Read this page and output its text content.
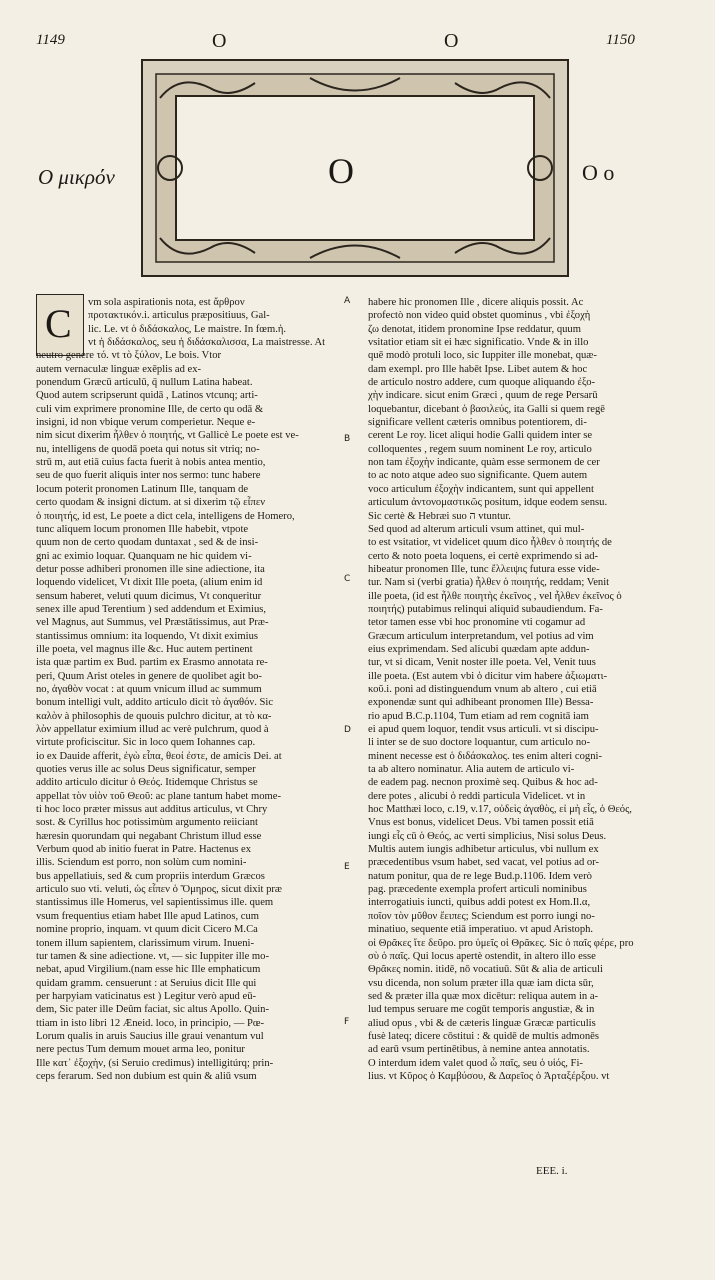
1149	1150
O	O
O
Ο μικρόν	O o
C	vm sola aspirationis nota, est ἄρθρον

προτακτικόν.i. articulus præpositiuus, Gal-

lic. Le. vt ὁ διδάσκαλος, Le maistre. In fœm.ἡ.

vt ἡ διδάσκαλος, seu ἡ διδάσκαλισσα, La maistresse. At

neutro genere τό. vt τὸ ξύλον, Le bois. Vtor

autem vernaculæ linguæ exēplis ad ex-

ponendum Græcū articulū, q̄ nullum Latina habeat.

Quod autem scripserunt quidā , Latinos vtcunq; arti-

culi vim exprimere pronomine Ille, de certo qu odā &

insigni, id non vbique verum comperietur. Neque e-

nim sicut dixerim ἦλθεν ὁ ποιητής, vt Gallicè Le poete est ve-

nu, intelligens de quodā poeta qui notus sit vtriq; no-

strū m, aut etiā cuius facta fuerit à nobis antea mentio,

seu de quo fuerit aliquis inter nos sermo: tunc habere

locum poterit pronomen Latinum Ille, tanquam de

certo quodam & insigni dictum. at si dixerim τῷ εἶπεν

ὁ ποιητής, id est, Le poete a dict cela, intelligens de Homero,

tunc aliquem locum pronomen Ille habebit, vtpote

quum non de certo quodam duntaxat , sed & de insi-

gni ac eximio loquar. Quanquam ne hic quidem vi-

detur posse adhiberi pronomen ille sine adiectione, ita

loquendo videlicet, Vt dixit Ille poeta, (alium enim id

sensum haberet, veluti quum dicimus, Vt conqueritur

senex ille apud Terentium ) sed addendum et Eximius,

vel Magnus, aut Summus, vel Præstātissimus, aut Præ-

stantissimus omnium: ita loquendo, Vt dixit eximius

ille poeta, vel magnus ille &c. Huc autem pertinent

ista quæ partim ex Bud. partim ex Erasmo annotata re-

peri, Quum Arist oteles in genere de quolibet agit bo-

no, ἀγαθὸν vocat : at quum vnicum illud ac summum

bonum intelligi vult, addito articulo dicit τὸ ἀγαθόν. Sic

καλὸν à philosophis de quouis pulchro dicitur, at τὸ κα-

λὸν appellatur eximium illud ac verè pulchrum, quod à

virtute proficiscitur. Sic in loco quem Iohannes cap.

io ex Dauide afferit, ἐγὼ εἶπα, θεοί ἐστε, de amicis Dei. at

quoties verus ille ac solus Deus significatur, semper

addito articulo dicitur ὁ Θεός. Itidemque Christus se

appellat τὸν υἱὸν τοῦ Θεοῦ: ac plane tantum habet mome-

ti hoc loco præter missus aut additus articulus, vt Chry

sost. & Cyrillus hoc potissimùm argumento reiiciant

hæresin quorundam qui negabant Christum illud esse

Verbum quod ab initio fuerat in Patre. Hactenus ex

illis. Sciendum est porro, non solùm cum nomini-

bus appellatiuis, sed & cum propriis interdum Græcos

articulo suo vti. veluti, ὡς εἶπεν ὁ Ὅμηρος, sicut dixit præ

stantissimus ille Homerus, vel sapientissimus ille. quem

vsum frequentius etiam habet Ille apud Latinos, cum

nomine proprio, inquam. vt quum dicit Cicero M.Ca

tonem illum sapientem, clarissimum virum. Inueni-

tur tamen & sine adiectione. vt, — sic Iuppiter ille mo-

nebat, apud Virgilium.(nam esse hic Ille emphaticum

quidam gramm. censuerunt : at Seruius dicit Ille qui

per harpyiam vaticinatus est ) Legitur verò apud eū-

dem, Sic pater ille Deûm faciat, sic altus Apollo. Quin-

ttiam in isto libri 12 Æneid. loco, in principio, — Pœ-

Lorum qualis in aruis Saucius ille graui venantum vul

nere pectus Tum demum mouet arma leo, ponitur

Ille κατ᾽ ἐξοχὴν, (si Seruio credimus) intelligitúrq; prin-

ceps ferarum. Sed non dubium est quin & aliū vsum

habere hic pronomen Ille , dicere aliquis possit. Ac

profectò non video quid obstet quominus , vbi ἐξοχὴ

ζω denotat, itidem pronomine Ipse reddatur, quum

vsitatior etiam sit ei hæc significatio. Vnde & in illo

quē modò protuli loco, sic Iuppiter ille monebat, quæ-

dam exempl. pro Ille habēt Ipse. Libet autem & hoc

de articulo nostro addere, cum quoque aliquando ἐξο-

χὴν indicare. sicut enim Græci , quum de rege Persarū

loquebantur, dicebant ὁ βασιλεύς, ita Galli si quem regē

significare vellent cæteris omnibus potentiorem, di-

cerent Le roy. licet aliqui hodie Galli quidem inter se

colloquentes , regem suum nominent Le roy, articulo

non tam ἐξοχὴν indicante, quàm esse sermonem de cer

to ac noto atque adeo suo significante. Quem autem

voco articulum ἐξοχὴν indicantem, sunt qui appellent

articulum ἀντονομαστικῶς positum, idque eodem sensu.

Sic certè & Hebræi suo ה vtuntur.

Sed quod ad alterum articuli vsum attinet, qui mul-

to est vsitatior, vt videlicet quum dico ἦλθεν ὁ ποιητής de

certo & noto poeta loquens, ei certè exprimendo si ad-

hibeatur pronomen Ille, tunc ἔλλειψις futura esse vide-

tur. Nam si (verbi gratia) ἦλθεν ὁ ποιητής, reddam; Venit

ille poeta, (id est ἦλθε ποιητὴς ἐκεῖνος , vel ἦλθεν ἐκεῖνος ὁ

ποιητής) putabimus relinqui aliquid subaudiendum. Fa-

tetor tamen esse vbi hoc pronomine vti cogamur ad

Græcum articulum interpretandum, vel potius ad vim

eius exprimendam. Sed alicubi quædam apte addun-

tur, vt si dicam, Venit noster ille poeta. Vel, Venit tuus

ille poeta. (Est autem vbi ὁ dicitur vim habere ἀξιωματι-

κοῦ.i. poni ad distinguendum vnum ab altero , cui etiā

exponendæ sunt qui adhibeant pronomen Ille) Bessa-

rio apud B.C.p.1104, Tum etiam ad rem cognitā iam

ei apud quem loquor, tendit vsus articuli. vt si discipu-

li inter se de suo doctore loquantur, cum articulo no-

minent necesse est ὁ διδάσκαλος. tes enim alteri cogni-

ta ab altero nominatur. Alia autem de articulo vi-

de eadem pag. necnon proximè seq. Quibus & hoc ad-

dere potes , alicubi ὁ reddi particula Videlicet. vt in

hoc Matthæi loco, c.19, v.17, οὐδεὶς ἀγαθὸς, εἰ μὴ εἷς, ὁ Θεός,

Vnus est bonus, videlicet Deus. Vbi tamen possit etiā

iungi εἷς cū ὁ Θεός, ac verti simplicius, Nisi solus Deus.

Multis autem iungis adhibetur articulus, vbi nullum ex

præcedentibus vsum habet, sed vacat, vel potius ad or-

natum ponitur, qua de re lege Bud.p.1106. Idem verò

pag. præcedente exempla profert articuli nominibus

interrogatiuis iuncti, quibus addi potest ex Hom.Il.α,

ποῖον τὸν μῦθον ἔειπες; Sciendum est porro iungi no-

minatiuo, sequente etiā imperatiuo. vt apud Aristoph.

οἱ Θρᾶκες ἴτε δεῦρο. pro ὑμεῖς οἱ Θρᾶκες. Sic ὁ παῖς φέρε, pro

σὺ ὁ παῖς. Qui locus apertè ostendit, in altero illo esse

Θρᾶκες nomin. itidē, nō vocatiuū. Sūt & alia de articuli

vsu dicenda, non solum præter illa quæ iam dicta sūr,

sed & præter illa quæ mox dicētur: reliqua autem in a-

lud tempus seruare me cogūt temporis angustiæ, & in

aliud opus , vbi & de cæteris linguæ Græcæ particulis

fusè lateq; dicere cōstitui : & quidē de multis admonēs

ad earū vsum pertinētibus, à nemine antea annotatis.

O interdum idem valet quod ὦ παῖς, seu ὁ υἱός, Fi-

lius. vt Κῦρος ὁ Καμβύσου, & Δαρεῖος ὁ Ἀρταξέρξου. vt

A
B
C
D
E
F
EEE. i.
